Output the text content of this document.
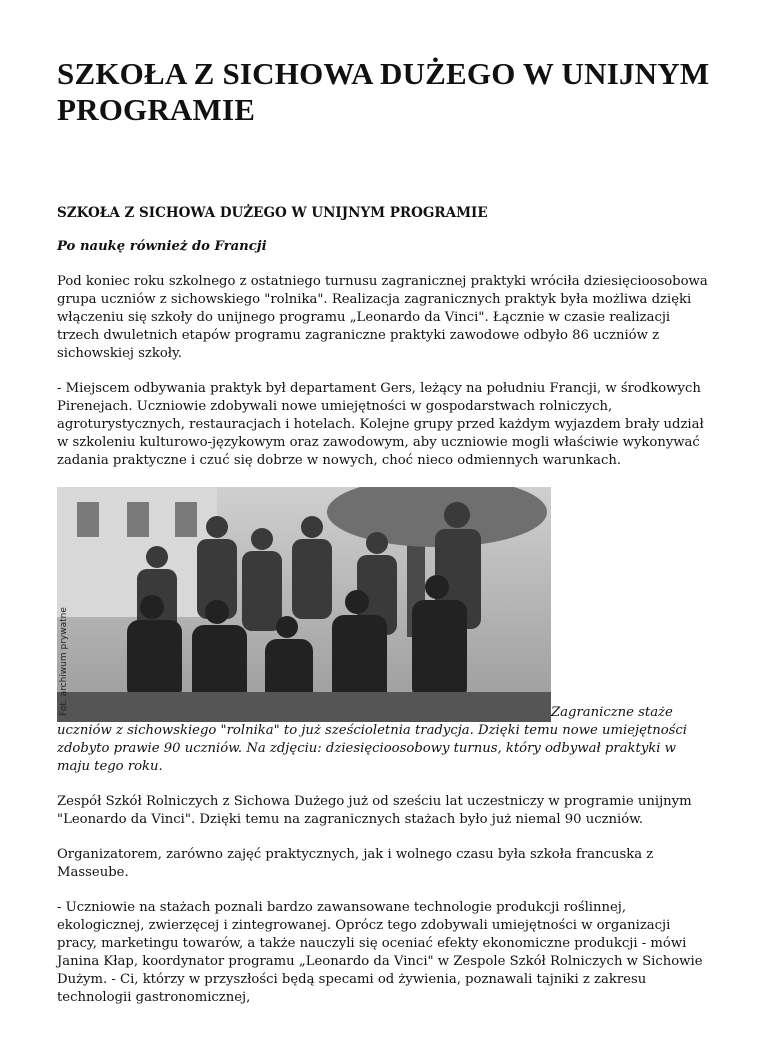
SZKOŁA Z SICHOWA DUŻEGO W UNIJNYM PROGRAMIE
SZKOŁA Z SICHOWA DUŻEGO W UNIJNYM PROGRAMIE

Po naukę również do Francji

Pod koniec roku szkolnego z ostatniego turnusu zagranicznej praktyki wróciła dziesięcioosobowa grupa uczniów z sichowskiego "rolnika". Realizacja zagranicznych praktyk była możliwa dzięki włączeniu się szkoły do unijnego programu „Leonardo da Vinci". Łącznie w czasie realizacji trzech dwuletnich etapów programu zagraniczne praktyki zawodowe odbyło 86 uczniów z sichowskiej szkoły.

- Miejscem odbywania praktyk był departament Gers, leżący na południu Francji, w środkowych Pirenejach. Uczniowie zdobywali nowe umiejętności w gospodarstwach rolniczych, agroturystycznych, restauracjach i hotelach. Kolejne grupy przed każdym wyjazdem brały udział w szkoleniu kulturowo-językowym oraz zawodowym, aby uczniowie mogli właściwie wykonywać zadania praktyczne i czuć się dobrze w nowych, choć nieco odmiennych warunkach.

Fot. archiwum prywatne	Zagraniczne staże uczniów z sichowskiego "rolnika" to już sześcioletnia tradycja. Dzięki temu nowe umiejętności zdobyto prawie 90 uczniów. Na zdjęciu: dziesięcioosobowy turnus, który odbywał praktyki w maju tego roku.

Zespół Szkół Rolniczych z Sichowa Dużego już od sześciu lat uczestniczy w programie unijnym "Leonardo da Vinci". Dzięki temu na zagranicznych stażach było już niemal 90 uczniów.

Organizatorem, zarówno zajęć praktycznych, jak i wolnego czasu była szkoła francuska z Masseube.

- Uczniowie na stażach poznali bardzo zawansowane technologie produkcji roślinnej, ekologicznej, zwierzęcej i zintegrowanej. Oprócz tego zdobywali umiejętności w organizacji pracy, marketingu towarów, a także nauczyli się oceniać efekty ekonomiczne produkcji - mówi Janina Kłap, koordynator programu „Leonardo da Vinci" w Zespole Szkół Rolniczych w Sichowie Dużym. - Ci, którzy w przyszłości będą specami od żywienia, poznawali tajniki z zakresu technologii gastronomicznej,
